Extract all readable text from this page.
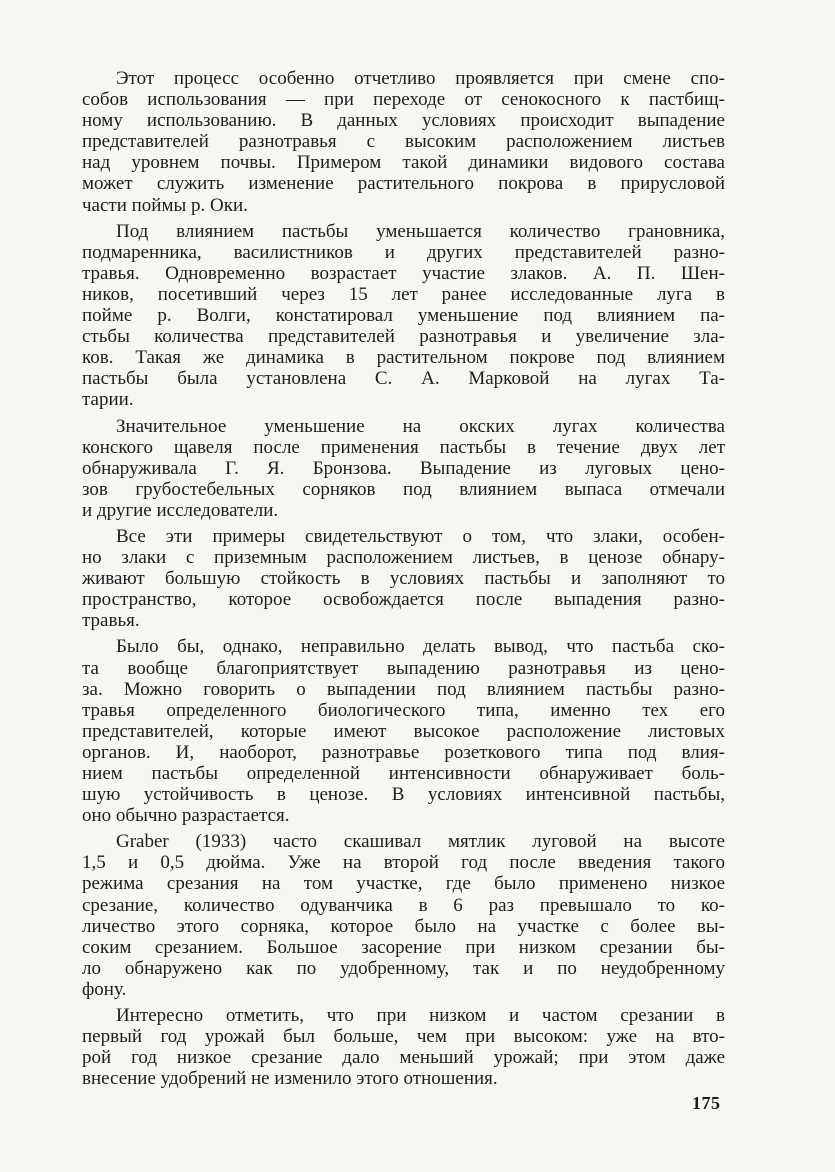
Этот процесс особенно отчетливо проявляется при смене спо-
собов использования — при переходе от сенокосного к пастбищ-
ному использованию. В данных условиях происходит выпадение
представителей разнотравья с высоким расположением листьев
над уровнем почвы. Примером такой динамики видового состава
может служить изменение растительного покрова в прирусловой
части поймы р. Оки.
Под влиянием пастьбы уменьшается количество грановника,
подмаренника, василистников и других представителей разно-
травья. Одновременно возрастает участие злаков. А. П. Шен-
ников, посетивший через 15 лет ранее исследованные луга в
пойме р. Волги, констатировал уменьшение под влиянием па-
стьбы количества представителей разнотравья и увеличение зла-
ков. Такая же динамика в растительном покрове под влиянием
пастьбы была установлена С. А. Марковой на лугах Та-
тарии.
Значительное уменьшение на окских лугах количества
конского щавеля после применения пастьбы в течение двух лет
обнаруживала Г. Я. Бронзова. Выпадение из луговых цено-
зов грубостебельных сорняков под влиянием выпаса отмечали
и другие исследователи.
Все эти примеры свидетельствуют о том, что злаки, особен-
но злаки с приземным расположением листьев, в ценозе обнару-
живают большую стойкость в условиях пастьбы и заполняют то
пространство, которое освобождается после выпадения разно-
травья.
Было бы, однако, неправильно делать вывод, что пастьба ско-
та вообще благоприятствует выпадению разнотравья из цено-
за. Можно говорить о выпадении под влиянием пастьбы разно-
травья определенного биологического типа, именно тех его
представителей, которые имеют высокое расположение листовых
органов. И, наоборот, разнотравье розеткового типа под влия-
нием пастьбы определенной интенсивности обнаруживает боль-
шую устойчивость в ценозе. В условиях интенсивной пастьбы,
оно обычно разрастается.
Graber (1933) часто скашивал мятлик луговой на высоте
1,5 и 0,5 дюйма. Уже на второй год после введения такого
режима срезания на том участке, где было применено низкое
срезание, количество одуванчика в 6 раз превышало то ко-
личество этого сорняка, которое было на участке с более вы-
соким срезанием. Большое засорение при низком срезании бы-
ло обнаружено как по удобренному, так и по неудобренному
фону.
Интересно отметить, что при низком и частом срезании в
первый год урожай был больше, чем при высоком: уже на вто-
рой год низкое срезание дало меньший урожай; при этом даже
внесение удобрений не изменило этого отношения.
175
